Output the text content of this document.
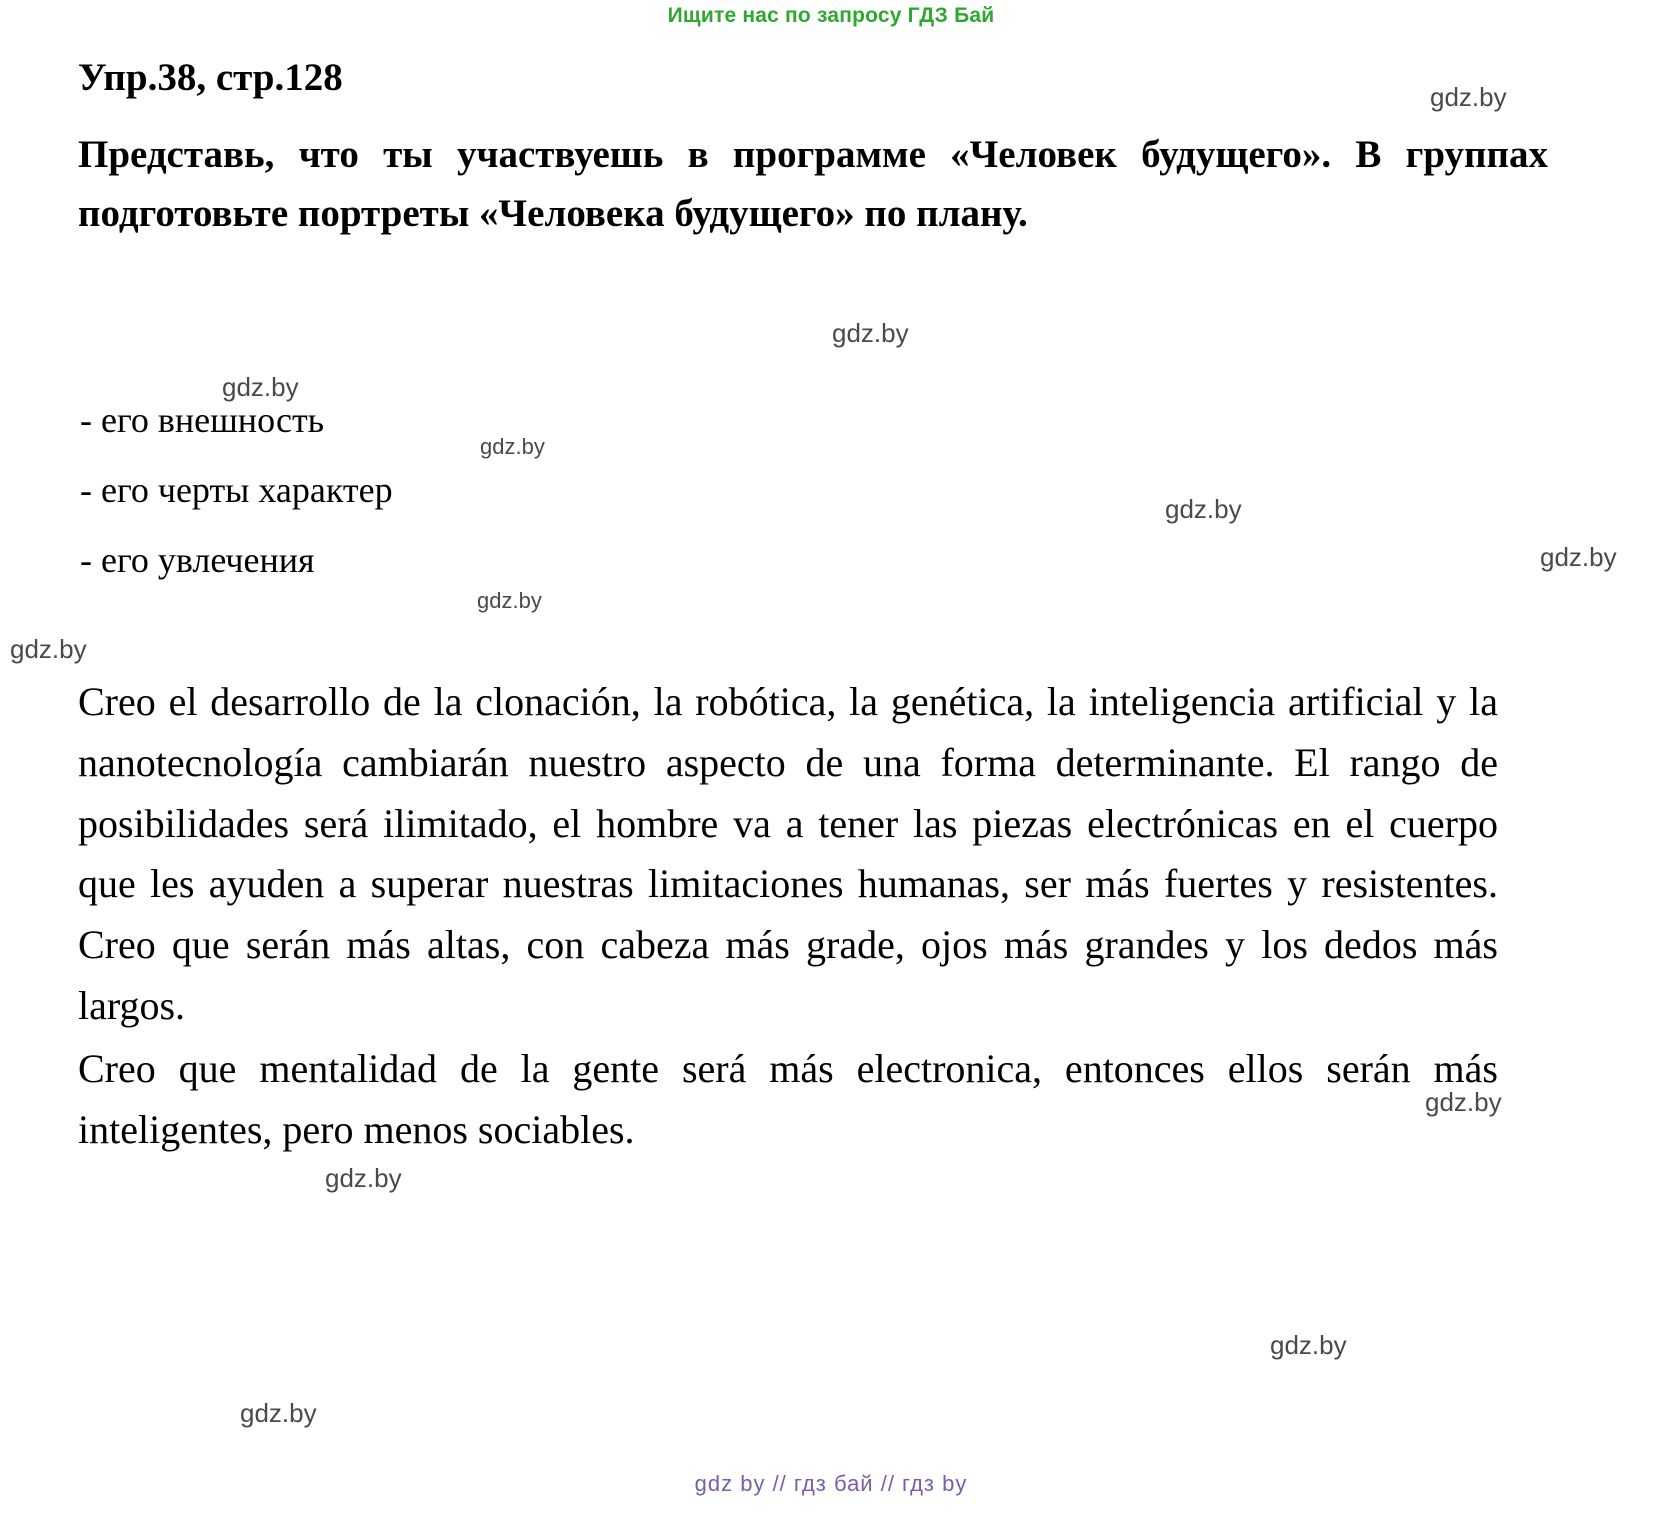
Ищите нас по запросу ГДЗ Бай
Упр.38, стр.128
Представь, что ты участвуешь в программе «Человек будущего». В группах подготовьте портреты «Человека будущего» по плану.
- его внешность
- его черты характер
- его увлечения

Creo el desarrollo de la clonación, la robótica, la genética, la inteligencia artificial y la nanotecnología cambiarán nuestro aspecto de una forma determinante. El rango de posibilidades será ilimitado, el hombre va a tener las piezas electrónicas en el cuerpo que les ayuden a superar nuestras limitaciones humanas, ser más fuertes y resistentes. Creo que serán más altas, con cabeza más grade, ojos más grandes y los dedos más largos.

Creo que mentalidad de la gente será más electronica, entonces ellos serán más inteligentes, pero menos sociables.

gdz by // гдз бай // гдз by
gdz.by
gdz.by
gdz.by
gdz.by
gdz.by
gdz.by
gdz.by
gdz.by
gdz.by
gdz.by
gdz.by
gdz.by
